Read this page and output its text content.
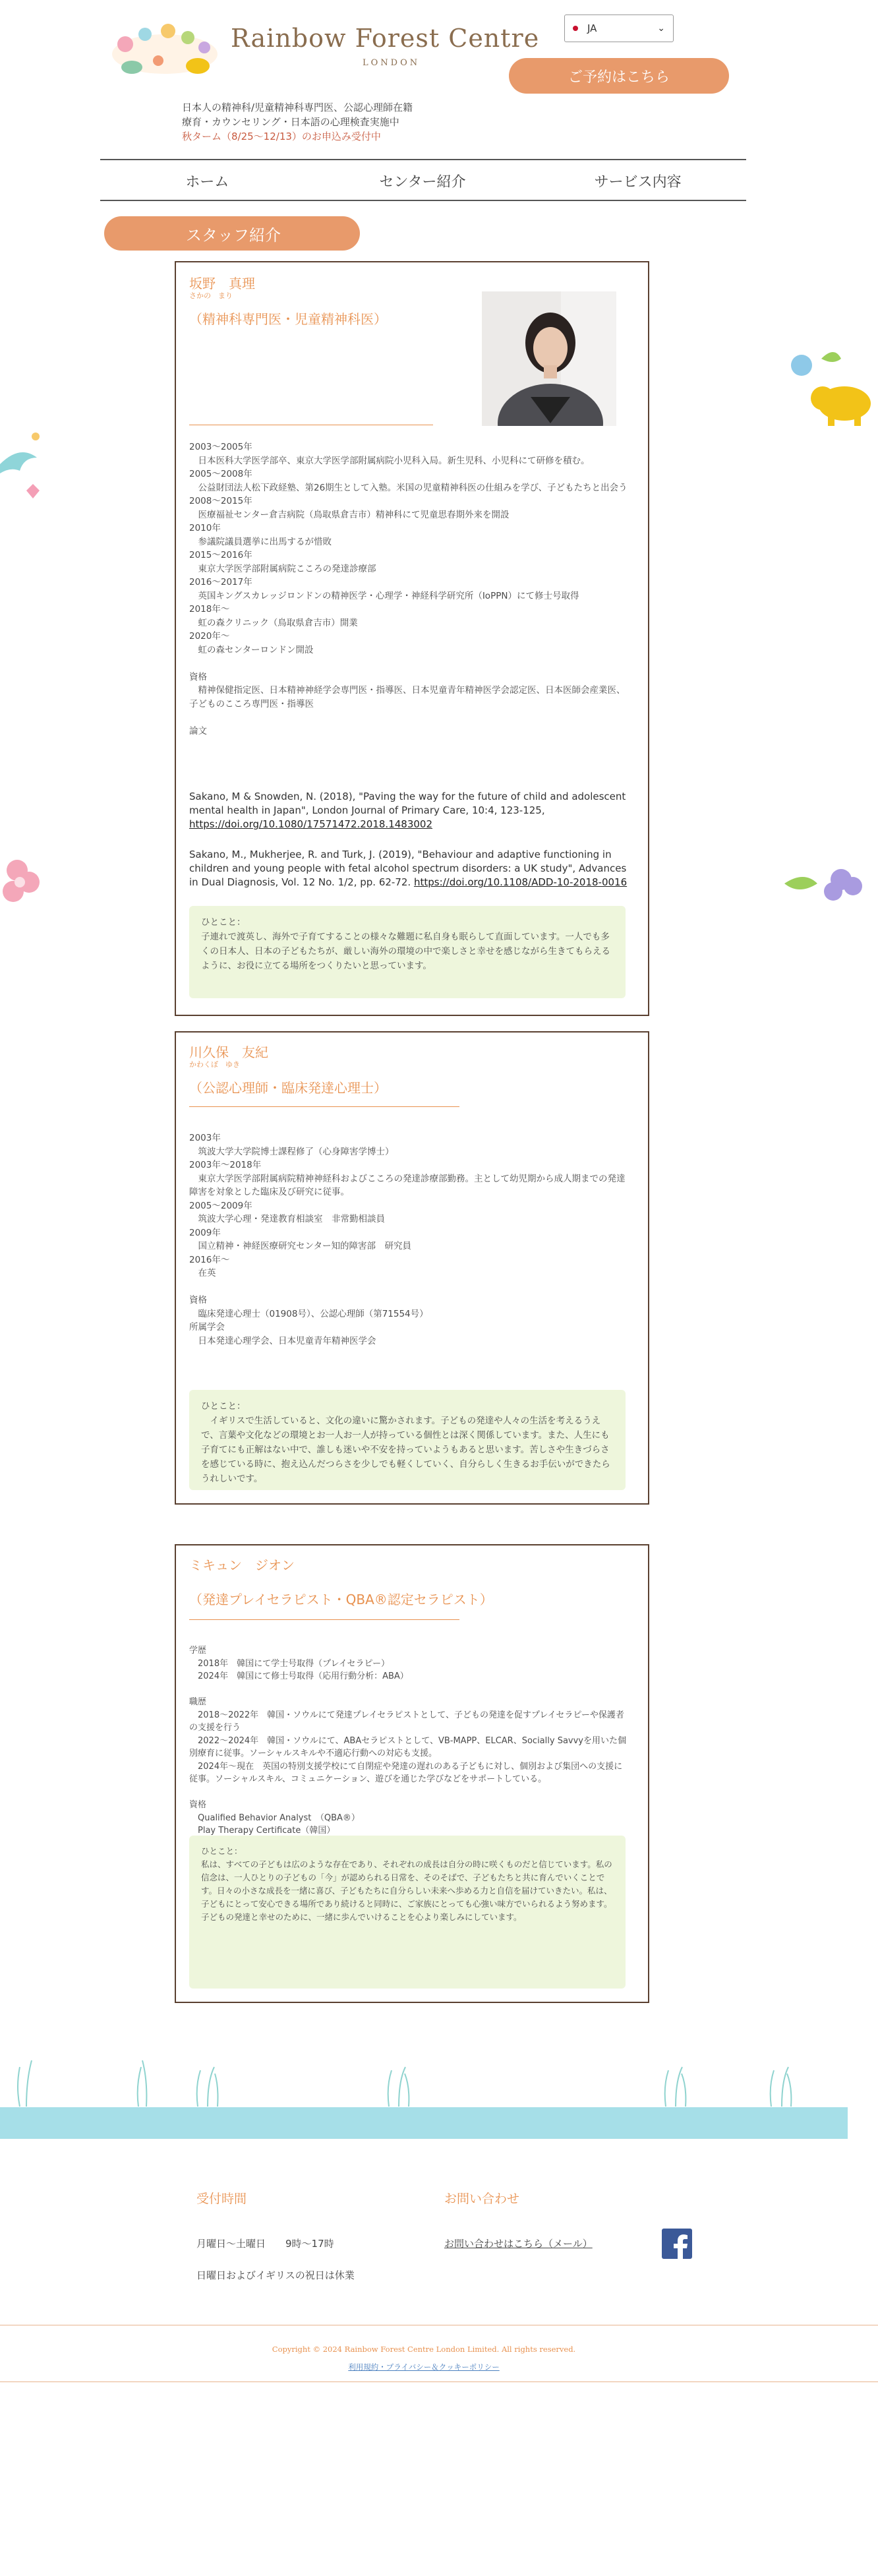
Rainbow Forest Centre
LONDON
JA	⌄
ご予約はこちら
日本人の精神科/児童精神科専門医、公認心理師在籍
療育・カウンセリング・日本語の心理検査実施中
秋ターム（8/25〜12/13）のお申込み受付中
ホーム	センター紹介	サービス内容
スタッフ紹介
坂野　真理
さかの　まり
（精神科専門医・児童精神科医）
2003〜2005年
　日本医科大学医学部卒、東京大学医学部附属病院小児科入局。新生児科、小児科にて研修を積む。
2005〜2008年
　公益財団法人松下政経塾、第26期生として入塾。米国の児童精神科医の仕組みを学び、子どもたちと出会う
2008〜2015年
　医療福祉センター倉吉病院（鳥取県倉吉市）精神科にて児童思春期外来を開設
2010年
　参議院議員選挙に出馬するが惜敗
2015〜2016年
　東京大学医学部附属病院こころの発達診療部
2016〜2017年
　英国キングスカレッジロンドンの精神医学・心理学・神経科学研究所（IoPPN）にて修士号取得
2018年〜
　虹の森クリニック（鳥取県倉吉市）開業
2020年〜
　虹の森センターロンドン開設

資格
　精神保健指定医、日本精神神経学会専門医・指導医、日本児童青年精神医学会認定医、日本医師会産業医、子どものこころ専門医・指導医

論文
Sakano, M & Snowden, N. (2018), "Paving the way for the future of child and adolescent mental health in Japan", London Journal of Primary Care, 10:4, 123-125, https://doi.org/10.1080/17571472.2018.1483002
Sakano, M., Mukherjee, R. and Turk, J. (2019), "Behaviour and adaptive functioning in children and young people with fetal alcohol spectrum disorders: a UK study", Advances in Dual Diagnosis, Vol. 12 No. 1/2, pp. 62-72. https://doi.org/10.1108/ADD-10-2018-0016
ひとこと：
子連れで渡英し、海外で子育てすることの様々な難題に私自身も眠らして直面しています。一人でも多くの日本人、日本の子どもたちが、厳しい海外の環境の中で楽しさと幸せを感じながら生きてもらえるように、お役に立てる場所をつくりたいと思っています。
川久保　友紀
かわくぼ　ゆき
（公認心理師・臨床発達心理士）
2003年
　筑波大学大学院博士課程修了（心身障害学博士）
2003年〜2018年
　東京大学医学部附属病院精神神経科およびこころの発達診療部勤務。主として幼児期から成人期までの発達障害を対象とした臨床及び研究に従事。
2005〜2009年
　筑波大学心理・発達教育相談室　非常勤相談員
2009年
　国立精神・神経医療研究センター知的障害部　研究員
2016年〜
　在英

資格
　臨床発達心理士（01908号）、公認心理師（第71554号）
所属学会
　日本発達心理学会、日本児童青年精神医学会
ひとこと：
　イギリスで生活していると、文化の違いに驚かされます。子どもの発達や人々の生活を考えるうえで、言葉や文化などの環境とお一人お一人が持っている個性とは深く関係しています。また、人生にも子育てにも正解はない中で、誰しも迷いや不安を持っていようもあると思います。苦しさや生きづらさを感じている時に、抱え込んだつらさを少しでも軽くしていく、自分らしく生きるお手伝いができたらうれしいです。
ミキュン　ジオン
（発達プレイセラピスト・QBA®認定セラピスト）
学歴
　2018年　韓国にて学士号取得（プレイセラピー）
　2024年　韓国にて修士号取得（応用行動分析：ABA）

職歴
　2018〜2022年　韓国・ソウルにて発達プレイセラピストとして、子どもの発達を促すプレイセラピーや保護者の支援を行う
　2022〜2024年　韓国・ソウルにて、ABAセラピストとして、VB-MAPP、ELCAR、Socially Savvyを用いた個別療育に従事。ソーシャルスキルや不適応行動への対応も支援。
　2024年〜現在　英国の特別支援学校にて自閉症や発達の遅れのある子どもに対し、個別および集団への支援に従事。ソーシャルスキル、コミュニケーション、遊びを通じた学びなどをサポートしている。

資格
　Qualified Behavior Analyst　（QBA®）
　Play Therapy Certificate（韓国）
ひとこと：
私は、すべての子どもは広のような存在であり、それぞれの成長は自分の時に咲くものだと信じています。私の信念は、一人ひとりの子どもの「今」が認められる日常を、そのそばで、子どもたちと共に育んでいくことです。日々の小さな成長を一緒に喜び、子どもたちに自分らしい未来へ歩める力と自信を届けていきたい。私は、子どもにとって安心できる場所であり続けると同時に、ご家族にとっても心強い味方でいられるよう努めます。子どもの発達と幸せのために、一緒に歩んでいけることを心より楽しみにしています。
受付時間
月曜日〜土曜日　　9時〜17時
日曜日およびイギリスの祝日は休業
お問い合わせ
お問い合わせはこちら（メール）
Copyright © 2024 Rainbow Forest Centre London Limited. All rights reserved.
利用規約・プライバシー＆クッキーポリシー
